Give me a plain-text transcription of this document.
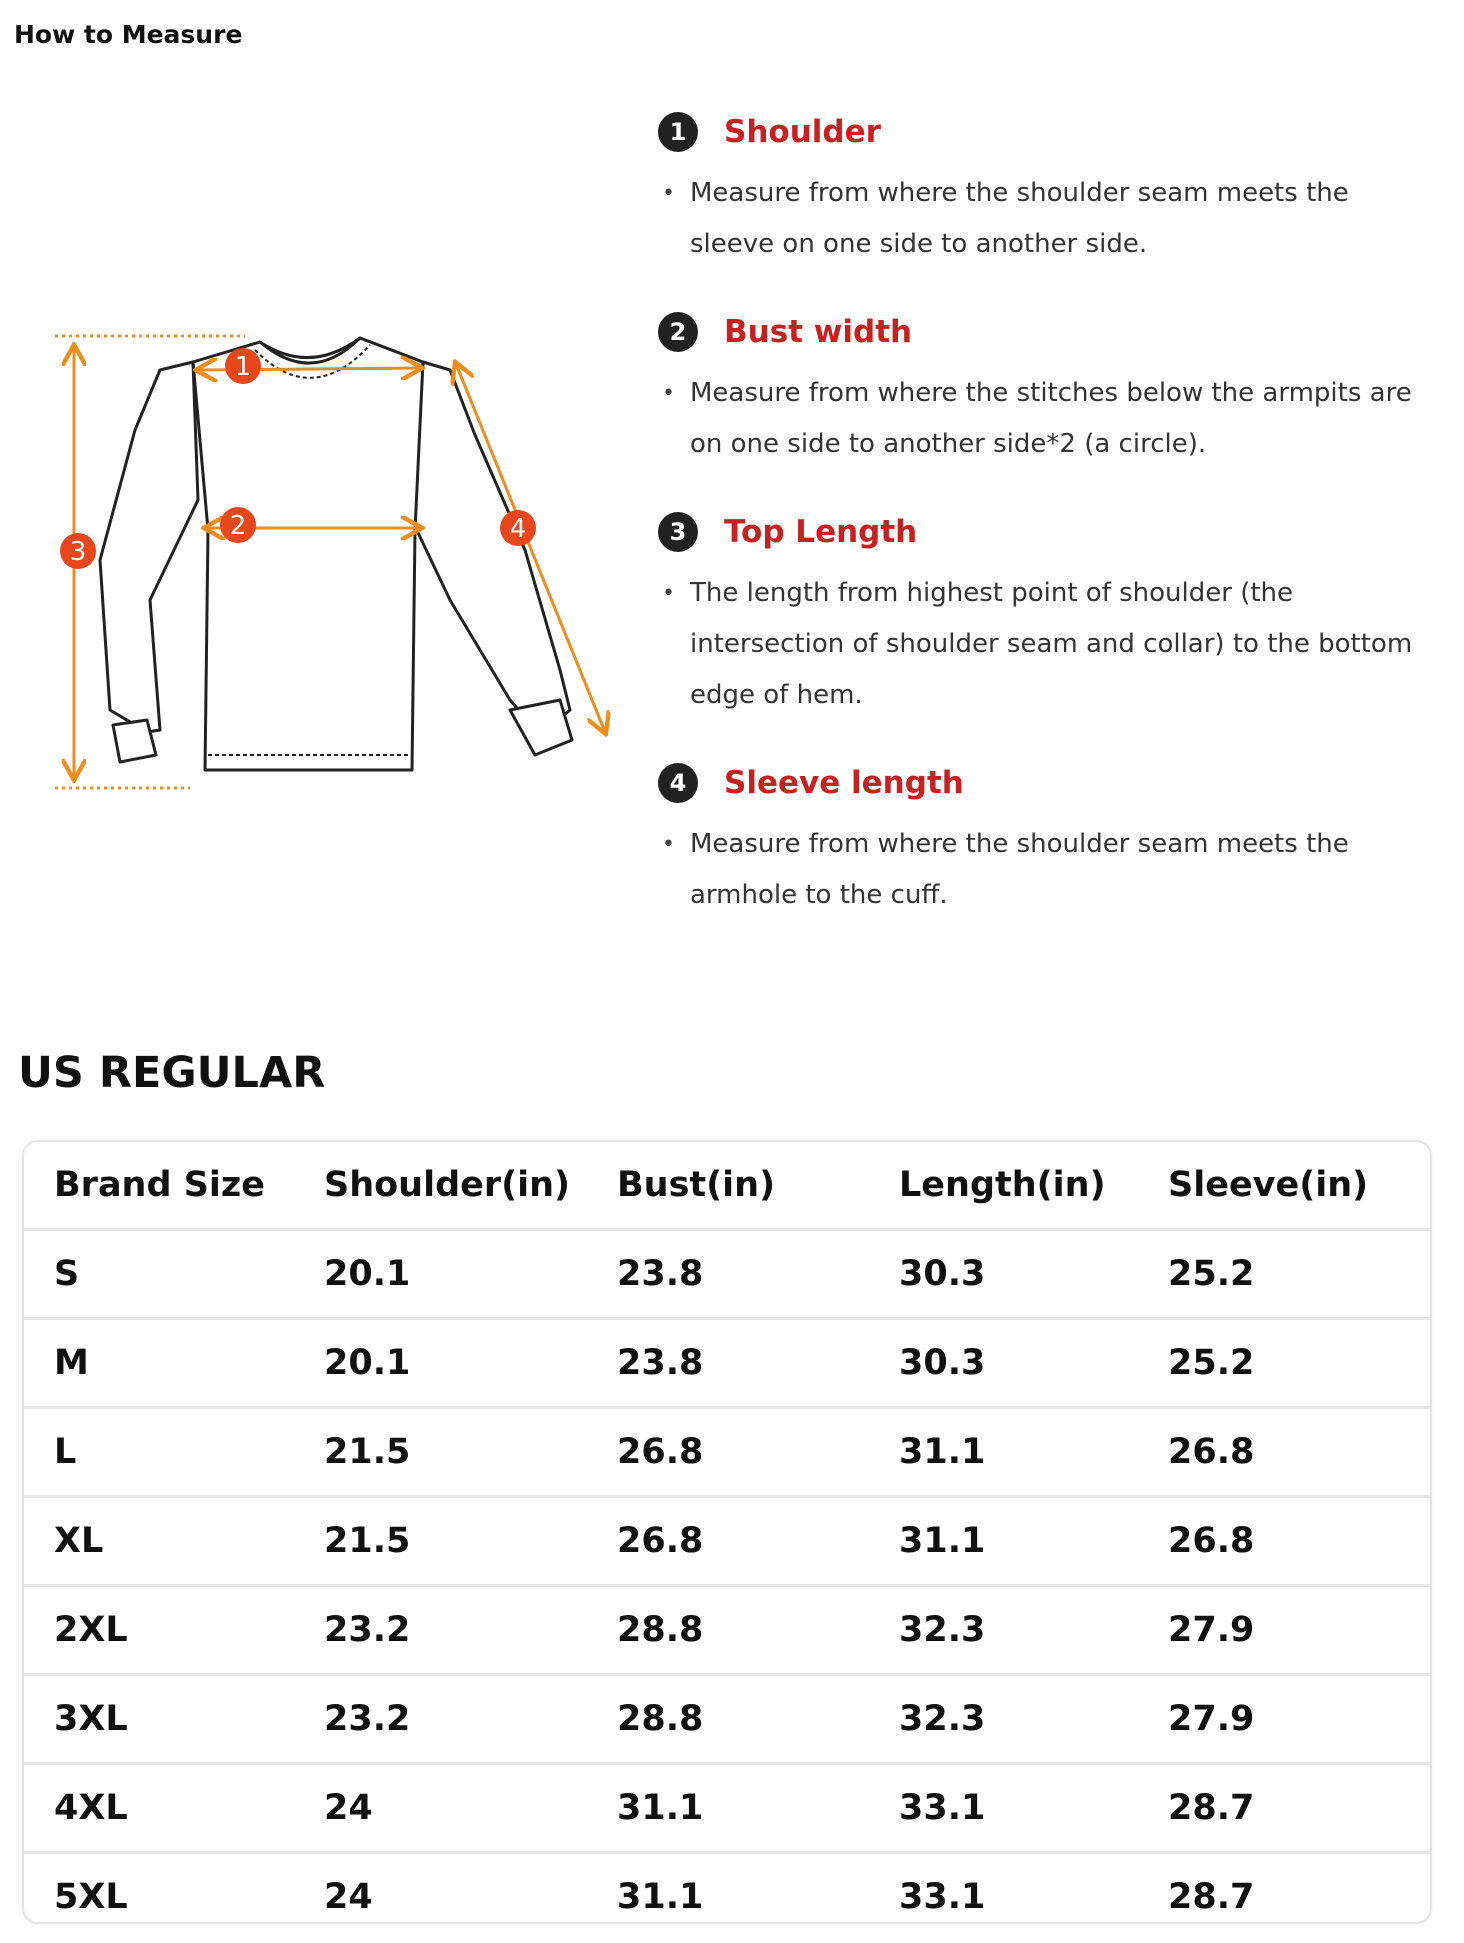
How to Measure
1
2
3
4
1	Shoulder

• Measure from where the shoulder seam meets the sleeve on one side to another side.

2	Bust width

• Measure from where the stitches below the armpits are on one side to another side*2 (a circle).

3	Top Length

• The length from highest point of shoulder (the intersection of shoulder seam and collar) to the bottom edge of hem.

4	Sleeve length

• Measure from where the shoulder seam meets the armhole to the cuff.

US REGULAR
Brand Size	Shoulder(in)	Bust(in)	Length(in)	Sleeve(in)
S	20.1	23.8	30.3	25.2
M	20.1	23.8	30.3	25.2
L	21.5	26.8	31.1	26.8
XL	21.5	26.8	31.1	26.8
2XL	23.2	28.8	32.3	27.9
3XL	23.2	28.8	32.3	27.9
4XL	24	31.1	33.1	28.7
5XL	24	31.1	33.1	28.7
